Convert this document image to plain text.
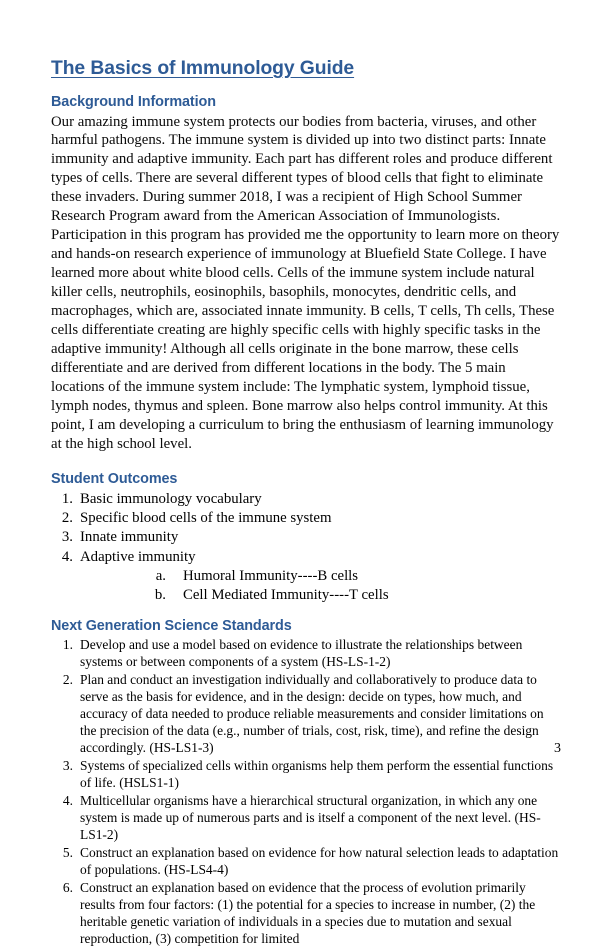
The Basics of Immunology Guide
Background Information

Our amazing immune system protects our bodies from bacteria, viruses, and other harmful pathogens. The immune system is divided up into two distinct parts: Innate immunity and adaptive immunity. Each part has different roles and produce different types of cells. There are several different types of blood cells that fight to eliminate these invaders. During summer 2018, I was a recipient of High School Summer Research Program award from the American Association of Immunologists. Participation in this program has provided me the opportunity to learn more on theory and hands-on research experience of immunology at Bluefield State College. I have learned more about white blood cells. Cells of the immune system include natural killer cells, neutrophils, eosinophils, basophils, monocytes, dendritic cells, and macrophages, which are, associated innate immunity. B cells, T cells, Th cells, These cells differentiate creating are highly specific cells with highly specific tasks in the adaptive immunity! Although all cells originate in the bone marrow, these cells differentiate and are derived from different locations in the body. The 5 main locations of the immune system include: The lymphatic system, lymphoid tissue, lymph nodes, thymus and spleen. Bone marrow also helps control immunity. At this point, I am developing a curriculum to bring the enthusiasm of learning immunology at the high school level.

Student Outcomes
1. Basic immunology vocabulary
2. Specific blood cells of the immune system
3. Innate immunity
4. Adaptive immunity
a. Humoral Immunity----B cells
b. Cell Mediated Immunity----T cells
Next Generation Science Standards
1. Develop and use a model based on evidence to illustrate the relationships between systems or between components of a system (HS-LS-1-2)
2. Plan and conduct an investigation individually and collaboratively to produce data to serve as the basis for evidence, and in the design: decide on types, how much, and accuracy of data needed to produce reliable measurements and consider limitations on the precision of the data (e.g., number of trials, cost, risk, time), and refine the design accordingly. (HS-LS1-3)
3. Systems of specialized cells within organisms help them perform the essential functions of life. (HSLS1-1)
4. Multicellular organisms have a hierarchical structural organization, in which any one system is made up of numerous parts and is itself a component of the next level. (HS-LS1-2)
5. Construct an explanation based on evidence for how natural selection leads to adaptation of populations. (HS-LS4-4)
6. Construct an explanation based on evidence that the process of evolution primarily results from four factors: (1) the potential for a species to increase in number, (2) the heritable genetic variation of individuals in a species due to mutation and sexual reproduction, (3) competition for limited
3
